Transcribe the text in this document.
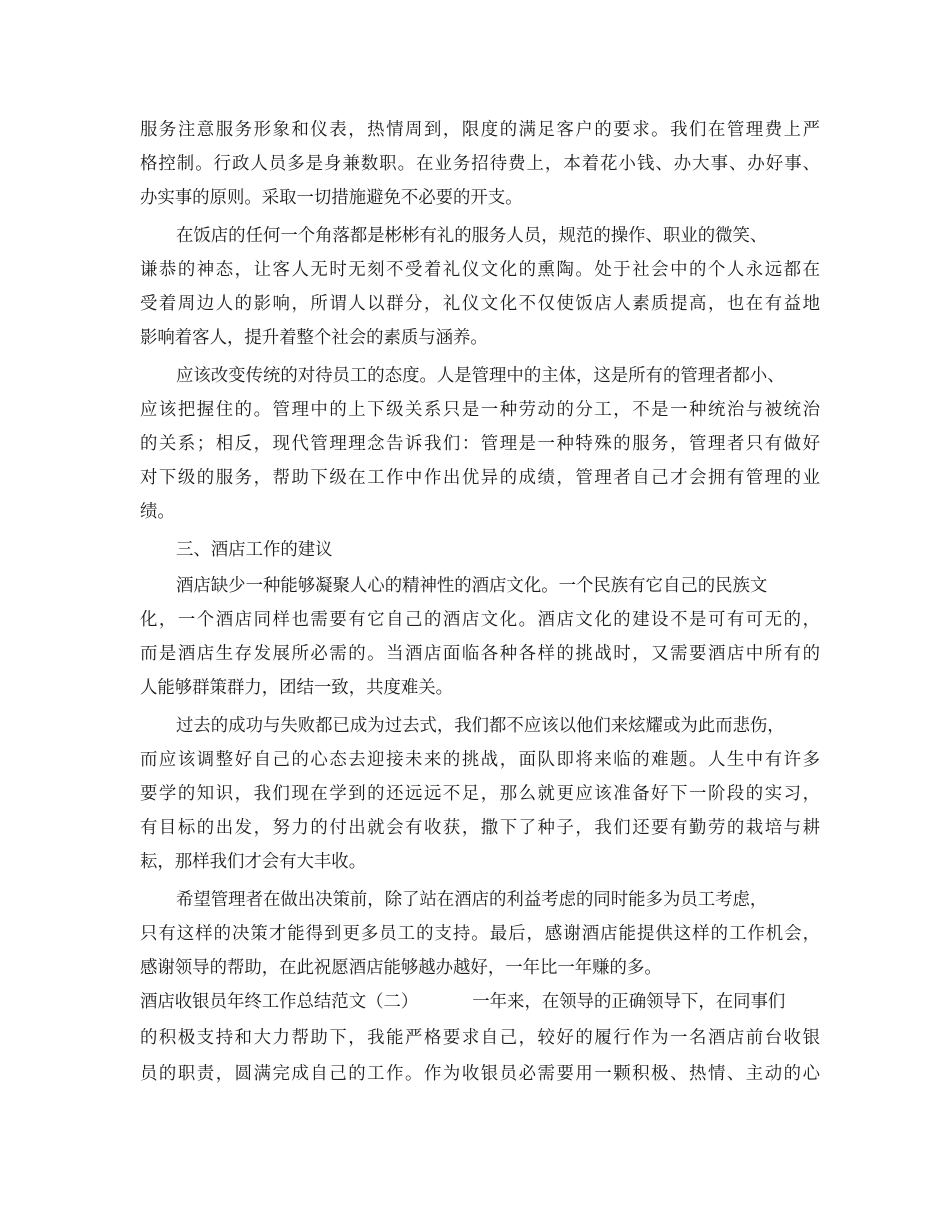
服务注意服务形象和仪表，热情周到，限度的满足客户的要求。我们在管理费上严
格控制。行政人员多是身兼数职。在业务招待费上，本着花小钱、办大事、办好事、
办实事的原则。采取一切措施避免不必要的开支。
在饭店的任何一个角落都是彬彬有礼的服务人员，规范的操作、职业的微笑、
谦恭的神态，让客人无时无刻不受着礼仪文化的熏陶。处于社会中的个人永远都在
受着周边人的影响，所谓人以群分，礼仪文化不仅使饭店人素质提高，也在有益地
影响着客人，提升着整个社会的素质与涵养。
应该改变传统的对待员工的态度。人是管理中的主体，这是所有的管理者都小、
应该把握住的。管理中的上下级关系只是一种劳动的分工，不是一种统治与被统治
的关系；相反，现代管理理念告诉我们：管理是一种特殊的服务，管理者只有做好
对下级的服务，帮助下级在工作中作出优异的成绩，管理者自己才会拥有管理的业
绩。
三、酒店工作的建议
酒店缺少一种能够凝聚人心的精神性的酒店文化。一个民族有它自己的民族文
化，一个酒店同样也需要有它自己的酒店文化。酒店文化的建设不是可有可无的，
而是酒店生存发展所必需的。当酒店面临各种各样的挑战时，又需要酒店中所有的
人能够群策群力，团结一致，共度难关。
过去的成功与失败都已成为过去式，我们都不应该以他们来炫耀或为此而悲伤，
而应该调整好自己的心态去迎接未来的挑战，面队即将来临的难题。人生中有许多
要学的知识，我们现在学到的还远远不足，那么就更应该准备好下一阶段的实习，
有目标的出发，努力的付出就会有收获，撒下了种子，我们还要有勤劳的栽培与耕
耘，那样我们才会有大丰收。
希望管理者在做出决策前，除了站在酒店的利益考虑的同时能多为员工考虑，
只有这样的决策才能得到更多员工的支持。最后，感谢酒店能提供这样的工作机会，
感谢领导的帮助，在此祝愿酒店能够越办越好，一年比一年赚的多。
酒店收银员年终工作总结范文（二）	一年来，在领导的正确领导下，在同事们
的积极支持和大力帮助下，我能严格要求自己，较好的履行作为一名酒店前台收银
员的职责，圆满完成自己的工作。作为收银员必需要用一颗积极、热情、主动的心
